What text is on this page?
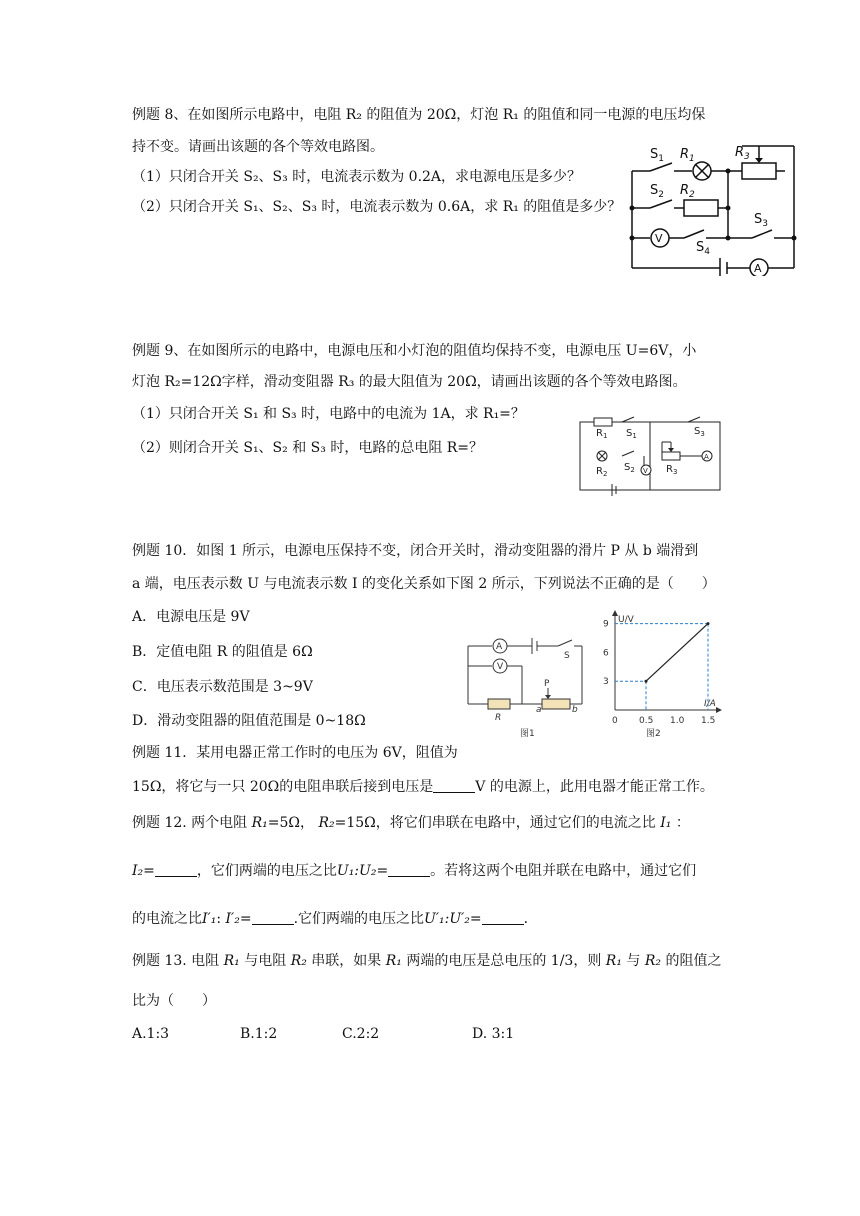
例题 8、在如图所示电路中，电阻 R₂ 的阻值为 20Ω，灯泡 R₁ 的阻值和同一电源的电压均保
持不变。请画出该题的各个等效电路图。
（1）只闭合开关 S₂、S₃ 时，电流表示数为 0.2A，求电源电压是多少？
（2）只闭合开关 S₁、S₂、S₃ 时，电流表示数为 0.6A，求 R₁ 的阻值是多少？
$S_1$ $R_1$	$R_3$
$S_2$ $R_2$
$S_3$
$S_4$
V
A
例题 9、在如图所示的电路中，电源电压和小灯泡的阻值均保持不变，电源电压 U=6V，小
灯泡 R₂=12Ω字样，滑动变阻器 R₃ 的最大阻值为 20Ω，请画出该题的各个等效电路图。
（1）只闭合开关 S₁ 和 S₃ 时，电路中的电流为 1A，求 R₁=？
（2）则闭合开关 S₁、S₂ 和 S₃ 时，电路的总电阻 R=？
$R_1$ $S_1$	$S_3$
$R_2$
$S_2$ V $R_3$
A
例题 10．如图 1 所示，电源电压保持不变，闭合开关时，滑动变阻器的滑片 P 从 b 端滑到
a 端，电压表示数 U 与电流表示数 I 的变化关系如下图 2 所示，下列说法不正确的是（　　）
A．电源电压是 9V
B．定值电阻 R 的阻值是 6Ω
C．电压表示数范围是 3~9V
D．滑动变阻器的阻值范围是 0~18Ω
A
V
S
P
R
a	b
图1
U/V
I/A
9
6
3
0 0.5 1.0 1.5
图2
例题 11．某用电器正常工作时的电压为 6V，阻值为
15Ω，将它与一只 20Ω的电阻串联后接到电压是	V 的电源上，此用电器才能正常工作。
例题 12. 两个电阻 R₁=5Ω， R₂=15Ω，将它们串联在电路中，通过它们的电流之比 I₁ ：
I₂=	，它们两端的电压之比U₁:U₂=	。若将这两个电阻并联在电路中，通过它们
的电流之比I′₁: I′₂=	.它们两端的电压之比U′₁:U′₂=	.
例题 13. 电阻 R₁ 与电阻 R₂ 串联，如果 R₁ 两端的电压是总电压的 1/3，则 R₁ 与 R₂ 的阻值之
比为（　　）
A.1:3	B.1:2	C.2:2	D. 3:1
